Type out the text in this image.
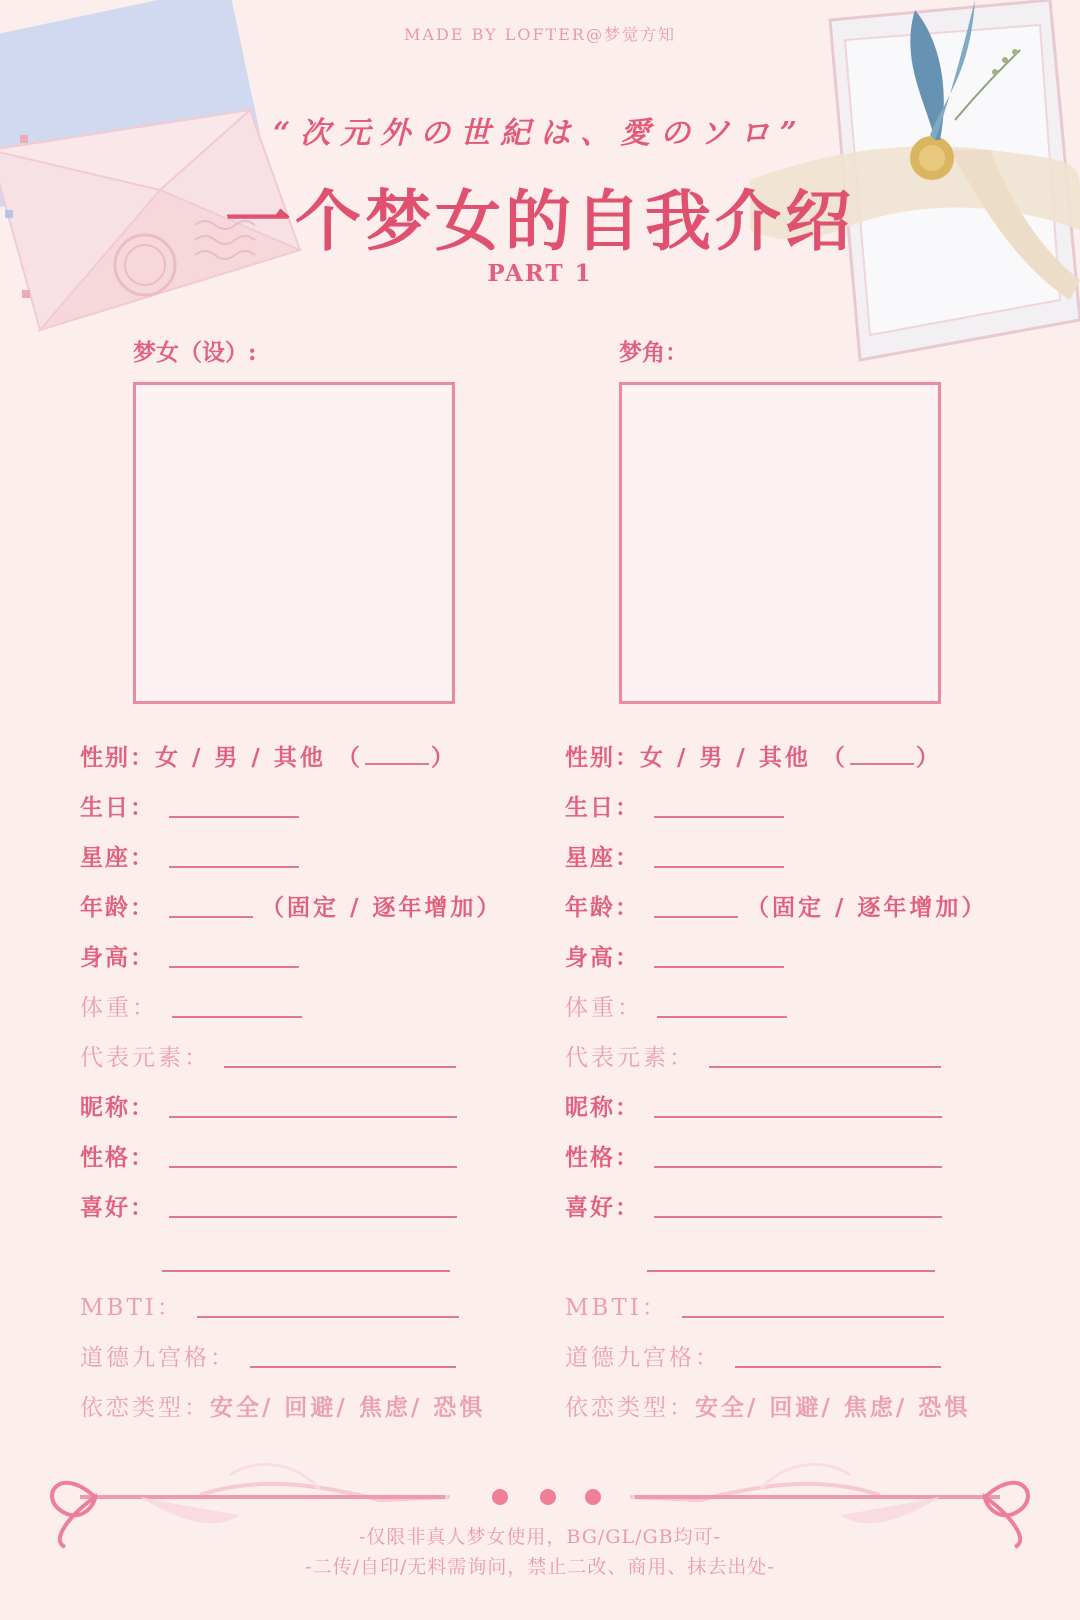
MADE BY LOFTER@梦觉方知
“次元外の世紀は、愛のソロ”
一个梦女的自我介绍
PART 1
梦女（设）:
性别： 女 / 男 / 其他 （	）
生日：
星座：
年龄：	（固定 / 逐年增加）
身高：
体重：
代表元素：
昵称：
性格：
喜好：
MBTI：
道德九宫格：
依恋类型： 安全/ 回避/ 焦虑/ 恐惧
梦角：
性别： 女 / 男 / 其他 （	）
生日：
星座：
年龄：	（固定 / 逐年增加）
身高：
体重：
代表元素：
昵称：
性格：
喜好：
MBTI：
道德九宫格：
依恋类型： 安全/ 回避/ 焦虑/ 恐惧
-仅限非真人梦女使用，BG/GL/GB均可-
-二传/自印/无料需询问，禁止二改、商用、抹去出处-
